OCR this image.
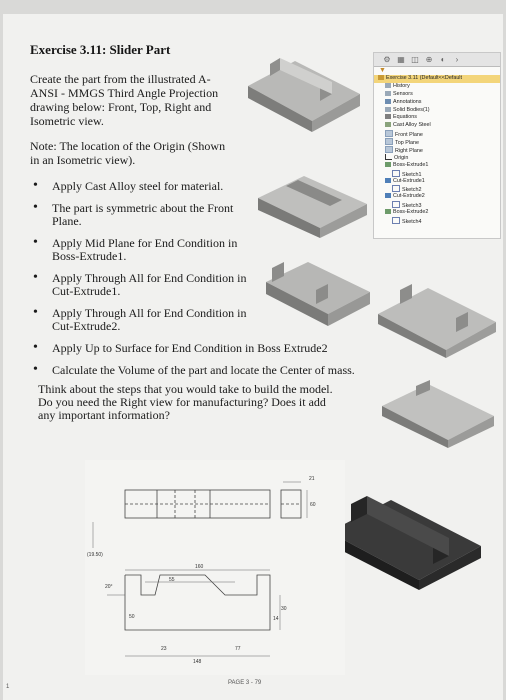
Exercise 3.11: Slider Part
Create the part from the illustrated A-ANSI - MMGS Third Angle Projection drawing below: Front, Top, Right and Isometric view.
Note: The location of the Origin (Shown in an Isometric view).
• Apply Cast Alloy steel for material.
• The part is symmetric about the Front Plane.
• Apply Mid Plane for End Condition in Boss-Extrude1.
• Apply Through All for End Condition in Cut-Extrude1.
• Apply Through All for End Condition in Cut-Extrude2.
• Apply Up to Surface for End Condition in Boss Extrude2
• Calculate the Volume of the part and locate the Center of mass.
Think about the steps that you would take to build the model. Do you need the Right view for manufacturing? Does it add any important information?
⚙ ▦ ◫ ⊕	◐	›
▼
Exercise 3.11 (Default<<Default
History
Sensors
Annotations
Solid Bodies(1)
Equations
Cast Alloy Steel
Front Plane
Top Plane
Right Plane
Origin
Boss-Extrude1
Sketch1
Cut-Extrude1
Sketch2
Cut-Extrude2
Sketch3
Boss-Extrude2
Sketch4
21
60
(19.50)
160
55
20°
50
30
14
23	77
148
PAGE 3 - 79
1
